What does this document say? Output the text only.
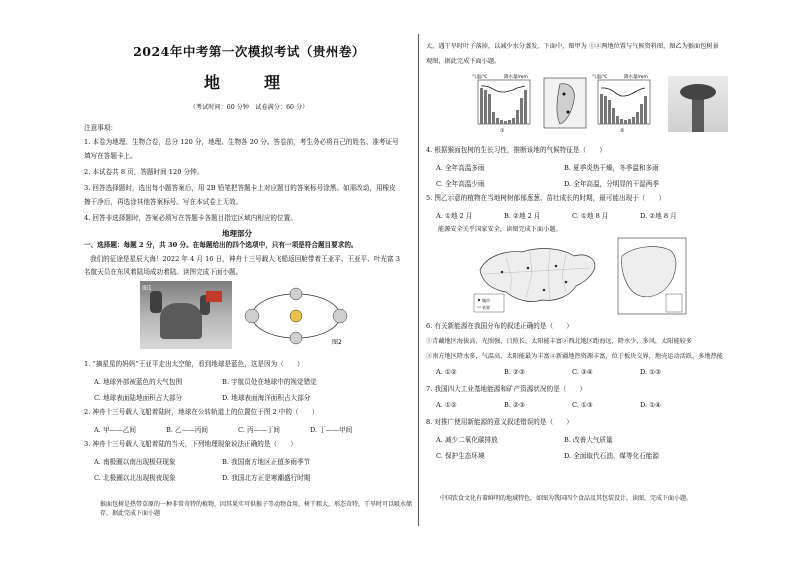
2024年中考第一次模拟考试（贵州卷）
地　理
（考试时间：60 分钟　试卷满分：60 分）
注意事项：
1. 本卷为地理、生物合卷，总分 120 分，地理、生物各 20 分。答卷前，考生务必将自己的姓名、准考证号
填写在答题卡上。
2. 本试卷共 8 页，答题时间 120 分钟。
3. 回答选择题时，选出每小题答案后，用 2B 铅笔把答题卡上对应题目的答案标号涂黑。如需改动，用橡皮
擦干净后，再选涂其他答案标号。写在本试卷上无效。
4. 回答非选择题时，答案必须写在答题卡各题目指定区域内相应的位置。
地理部分
一、选择题：每题 2 分，共 30 分。在每题给出的四个选项中，只有一项是符合题目要求的。
我们的征途是星辰大海！2022 年 4 月 16 日，神舟十三号载人飞船返回舱带着王亚平、王亚平、叶光富 3
名航天员在东风着陆场成功着陆。读图完成下面小题。
图1
图2
1. “摘星星的妈妈”王亚平走出太空舱，看到地球是蓝色，这是因为（　　）
A. 地球外部被蓝色的大气包围	B. 宇航员处在地球中的视觉错觉
C. 地球表面陆地面积占大部分	D. 地球表面海洋面积占大部分
2. 神舟十三号载人飞船着陆时，地球在公转轨道上的位置位于图 2 中的（　　）
A. 甲——乙间	B. 乙——丙间	C. 丙——丁间	D. 丁——甲间
3. 神舟十三号载人飞船着陆的当天，下列地理现象说法正确的是（　　）
A. 南极圈以南出现极昼现象	B. 我国南方地区正值多雨季节
C. 北极圈以北出现极夜现象	D. 我国北方正是寒潮盛行时期
猴面包树是热带草原的一种非常奇特的植物，因其果实可供猴子等动物食用，树干粗大，形态奇特，干旱时可以吸水储存，据此完成下面小题
太。遇干旱时叶子落掉，以减少水分蒸发。下面中，图甲为 ①②两地位置与气候资料图，图乙为猴面包树景
观图，据此完成下面小题。
气温/℃	降水量/mm
①
气温/℃	降水量/mm
②
4. 根据猴面包树的生长习性，推断该地的气候特征是（　　）
A. 全年高温多雨	B. 夏季炎热干燥，冬季温和多雨
C. 全年高温少雨	D. 全年高温，分明显的干湿两季
5. 图乙示意的植物在当地树树郁郁葱葱、苗壮成长的时期，最可能出现于（　　）
A. ①地 2 月	B. ②地 2 月	C. ①地 8 月	D. ②地 8 月
能源安全关乎国家安全，读图完成下面小题。
城市
省界
6. 有关新能源在我国分布的叙述正确的是（　　）
①青藏地区海拔高，光照强，日照长，太阳能丰富②西北地区距海远，降水少，多风，太阳能较多
③南方地区降水多，气温高，太阳能最为丰富④新疆地热资源丰富，位于板块交界，地壳运动活跃，多地热能
A. ①②	B. ②③	C. ③④	D. ①③
7. 我国四大工业基地能源和矿产资源状况的是（　　）
A. ①②	B. ②③	C. ①③	D. ①④
8. 对推广使用新能源的意义叙述错误的是（　　）
A. 减少二氧化碳排放	B. 改善大气质量
C. 保护生态环境	D. 全面取代石油、煤等化石能源
中国饮食文化有着鲜明的地域特色，如图为我国四个食品及其包装设计。读图，完成下面小题。
